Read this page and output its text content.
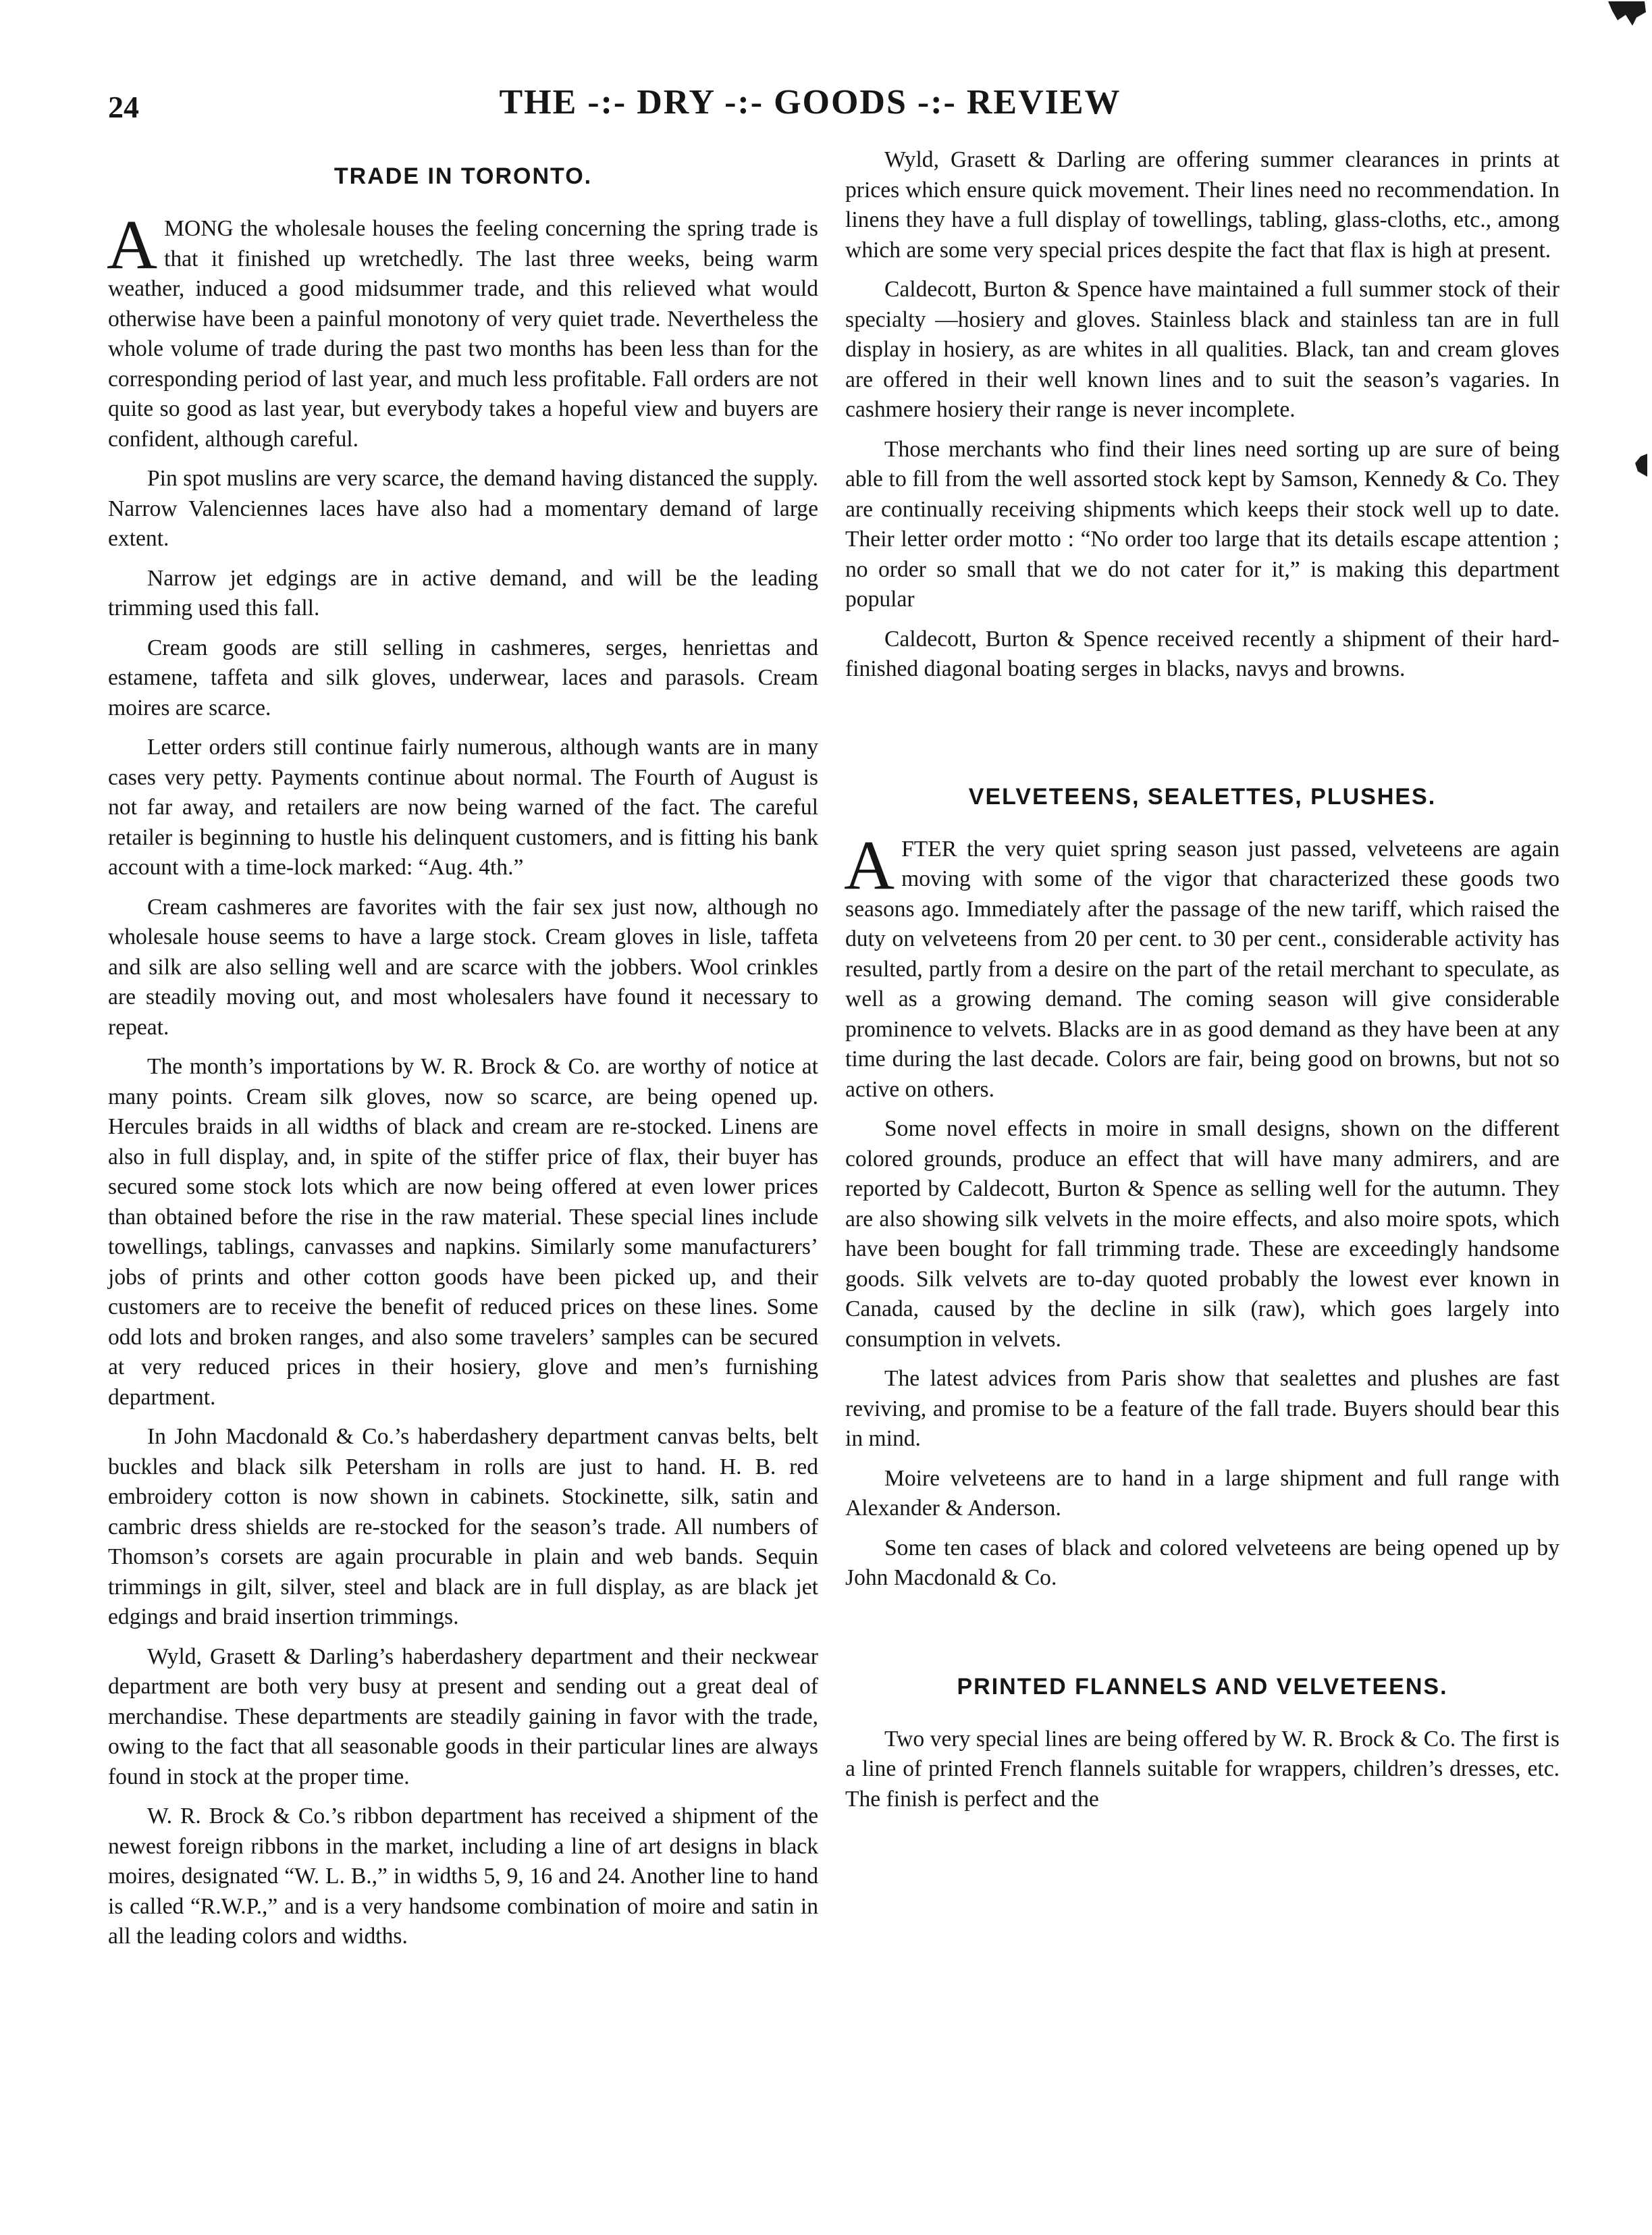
24	THE -:- DRY -:- GOODS -:- REVIEW
TRADE IN TORONTO.

AMONG the wholesale houses the feeling concerning the spring trade is that it finished up wretchedly. The last three weeks, being warm weather, induced a good midsummer trade, and this relieved what would otherwise have been a painful monotony of very quiet trade. Nevertheless the whole volume of trade during the past two months has been less than for the corresponding period of last year, and much less profitable. Fall orders are not quite so good as last year, but everybody takes a hopeful view and buyers are confident, although careful.

Pin spot muslins are very scarce, the demand having distanced the supply. Narrow Valenciennes laces have also had a momentary demand of large extent.

Narrow jet edgings are in active demand, and will be the leading trimming used this fall.

Cream goods are still selling in cashmeres, serges, henriettas and estamene, taffeta and silk gloves, underwear, laces and parasols. Cream moires are scarce.

Letter orders still continue fairly numerous, although wants are in many cases very petty. Payments continue about normal. The Fourth of August is not far away, and retailers are now being warned of the fact. The careful retailer is beginning to hustle his delinquent customers, and is fitting his bank account with a time-lock marked: “Aug. 4th.”

Cream cashmeres are favorites with the fair sex just now, although no wholesale house seems to have a large stock. Cream gloves in lisle, taffeta and silk are also selling well and are scarce with the jobbers. Wool crinkles are steadily moving out, and most wholesalers have found it necessary to repeat.

The month’s importations by W. R. Brock & Co. are worthy of notice at many points. Cream silk gloves, now so scarce, are being opened up. Hercules braids in all widths of black and cream are re-stocked. Linens are also in full display, and, in spite of the stiffer price of flax, their buyer has secured some stock lots which are now being offered at even lower prices than obtained before the rise in the raw material. These special lines include towellings, tablings, canvasses and napkins. Similarly some manufacturers’ jobs of prints and other cotton goods have been picked up, and their customers are to receive the benefit of reduced prices on these lines. Some odd lots and broken ranges, and also some travelers’ samples can be secured at very reduced prices in their hosiery, glove and men’s furnishing department.

In John Macdonald & Co.’s haberdashery department canvas belts, belt buckles and black silk Petersham in rolls are just to hand. H. B. red embroidery cotton is now shown in cabinets. Stockinette, silk, satin and cambric dress shields are re-stocked for the season’s trade. All numbers of Thomson’s corsets are again procurable in plain and web bands. Sequin trimmings in gilt, silver, steel and black are in full display, as are black jet edgings and braid insertion trimmings.

Wyld, Grasett & Darling’s haberdashery department and their neckwear department are both very busy at present and sending out a great deal of merchandise. These departments are steadily gaining in favor with the trade, owing to the fact that all seasonable goods in their particular lines are always found in stock at the proper time.

W. R. Brock & Co.’s ribbon department has received a shipment of the newest foreign ribbons in the market, including a line of art designs in black moires, designated “W. L. B.,” in widths 5, 9, 16 and 24. Another line to hand is called “R.W.P.,” and is a very handsome combination of moire and satin in all the leading colors and widths.

Wyld, Grasett & Darling are offering summer clearances in prints at prices which ensure quick movement. Their lines need no recommendation. In linens they have a full display of towellings, tabling, glass-cloths, etc., among which are some very special prices despite the fact that flax is high at present.

Caldecott, Burton & Spence have maintained a full summer stock of their specialty —hosiery and gloves. Stainless black and stainless tan are in full display in hosiery, as are whites in all qualities. Black, tan and cream gloves are offered in their well known lines and to suit the season’s vagaries. In cashmere hosiery their range is never incomplete.

Those merchants who find their lines need sorting up are sure of being able to fill from the well assorted stock kept by Samson, Kennedy & Co. They are continually receiving shipments which keeps their stock well up to date. Their letter order motto : “No order too large that its details escape attention ; no order so small that we do not cater for it,” is making this department popular

Caldecott, Burton & Spence received recently a shipment of their hard-finished diagonal boating serges in blacks, navys and browns.

VELVETEENS, SEALETTES, PLUSHES.

AFTER the very quiet spring season just passed, velveteens are again moving with some of the vigor that characterized these goods two seasons ago. Immediately after the passage of the new tariff, which raised the duty on velveteens from 20 per cent. to 30 per cent., considerable activity has resulted, partly from a desire on the part of the retail merchant to speculate, as well as a growing demand. The coming season will give considerable prominence to velvets. Blacks are in as good demand as they have been at any time during the last decade. Colors are fair, being good on browns, but not so active on others.

Some novel effects in moire in small designs, shown on the different colored grounds, produce an effect that will have many admirers, and are reported by Caldecott, Burton & Spence as selling well for the autumn. They are also showing silk velvets in the moire effects, and also moire spots, which have been bought for fall trimming trade. These are exceedingly handsome goods. Silk velvets are to-day quoted probably the lowest ever known in Canada, caused by the decline in silk (raw), which goes largely into consumption in velvets.

The latest advices from Paris show that sealettes and plushes are fast reviving, and promise to be a feature of the fall trade. Buyers should bear this in mind.

Moire velveteens are to hand in a large shipment and full range with Alexander & Anderson.

Some ten cases of black and colored velveteens are being opened up by John Macdonald & Co.

PRINTED FLANNELS AND VELVETEENS.

Two very special lines are being offered by W. R. Brock & Co. The first is a line of printed French flannels suitable for wrappers, children’s dresses, etc. The finish is perfect and the
